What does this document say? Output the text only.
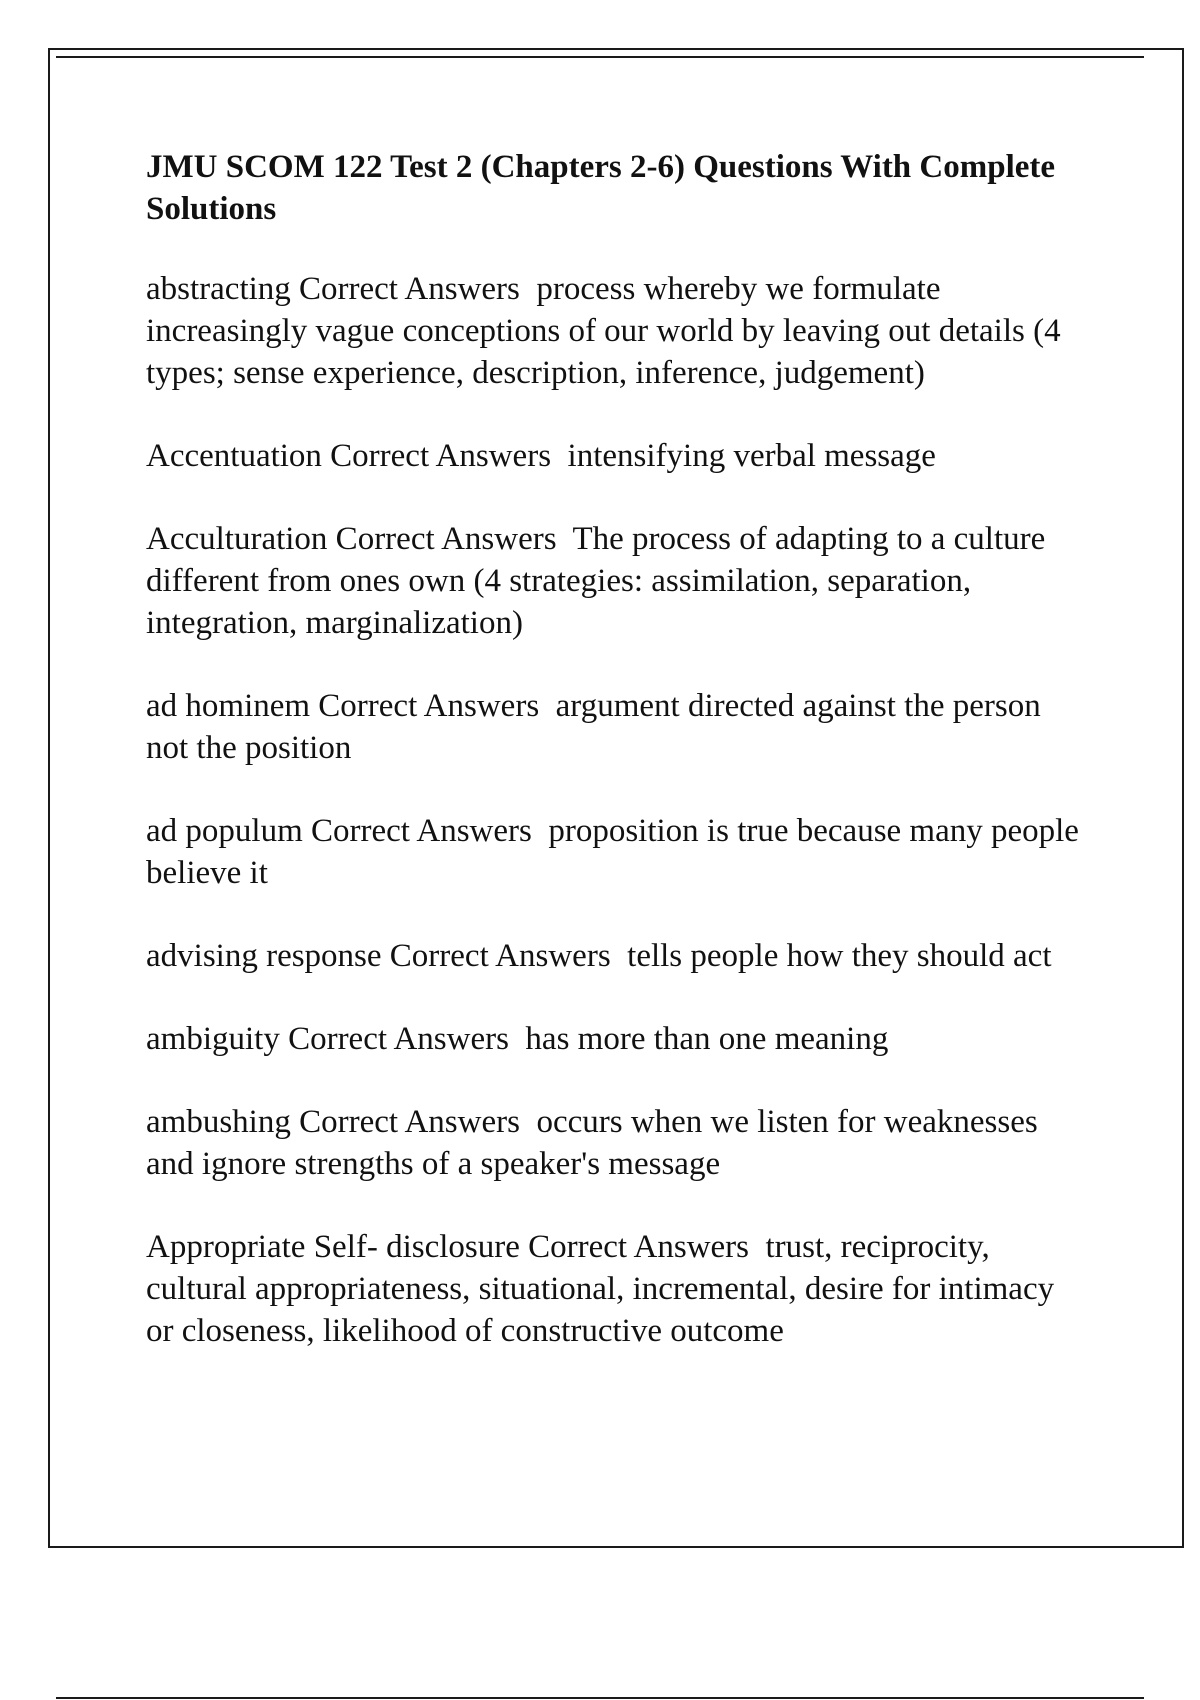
JMU SCOM 122 Test 2 (Chapters 2-6) Questions With Complete Solutions
abstracting Correct Answers  process whereby we formulate increasingly vague conceptions of our world by leaving out details (4 types; sense experience, description, inference, judgement)
Accentuation Correct Answers  intensifying verbal message
Acculturation Correct Answers  The process of adapting to a culture different from ones own (4 strategies: assimilation, separation, integration, marginalization)
ad hominem Correct Answers  argument directed against the person not the position
ad populum Correct Answers  proposition is true because many people believe it
advising response Correct Answers  tells people how they should act
ambiguity Correct Answers  has more than one meaning
ambushing Correct Answers  occurs when we listen for weaknesses and ignore strengths of a speaker's message
Appropriate Self- disclosure Correct Answers  trust, reciprocity, cultural appropriateness, situational, incremental, desire for intimacy or closeness, likelihood of constructive outcome
